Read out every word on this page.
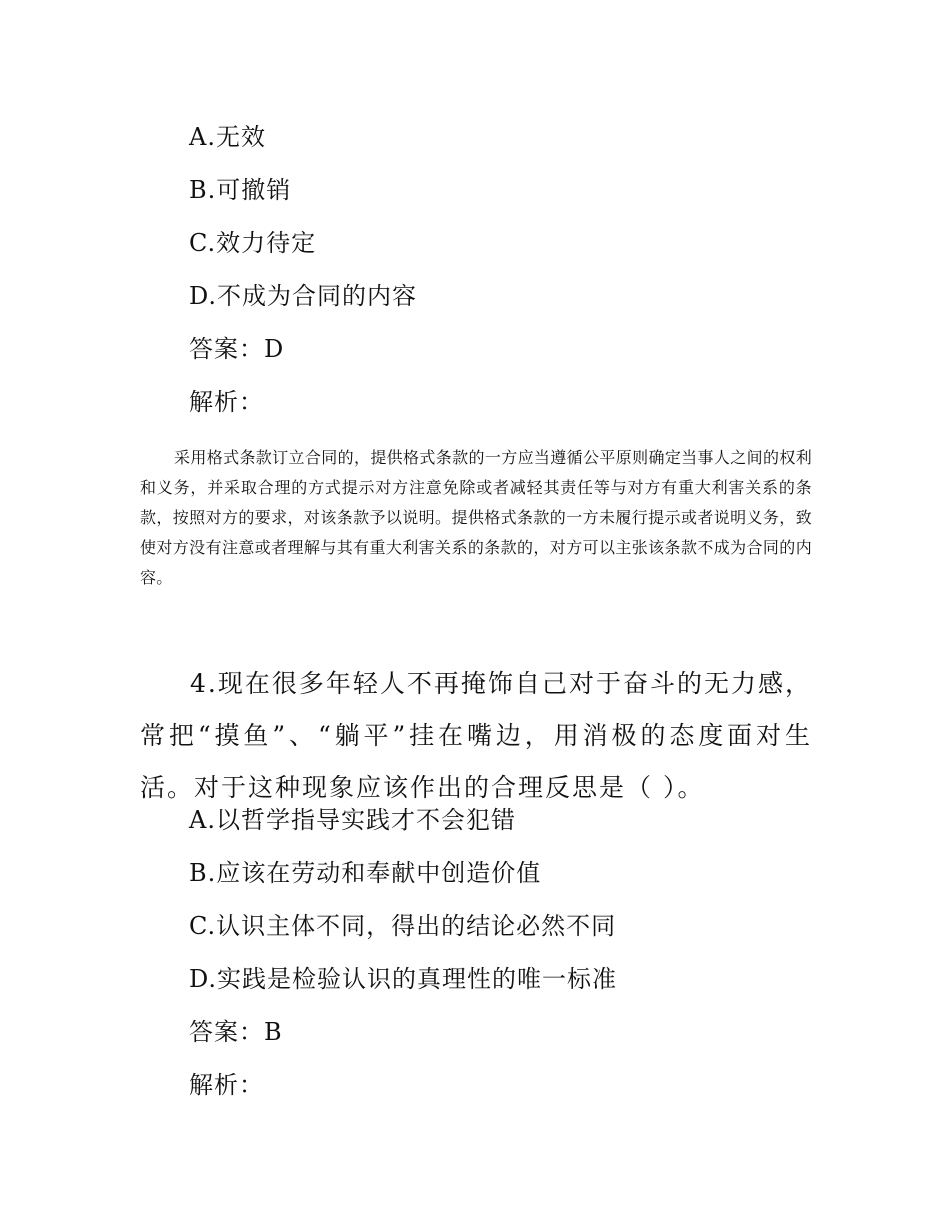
A.无效
B.可撤销
C.效力待定
D.不成为合同的内容
答案：D
解析：
采用格式条款订立合同的，提供格式条款的一方应当遵循公平原则确定当事人之间的权利和义务，并采取合理的方式提示对方注意免除或者减轻其责任等与对方有重大利害关系的条款，按照对方的要求，对该条款予以说明。提供格式条款的一方未履行提示或者说明义务，致使对方没有注意或者理解与其有重大利害关系的条款的，对方可以主张该条款不成为合同的内容。
4.现在很多年轻人不再掩饰自己对于奋斗的无力感，常把“摸鱼”、“躺平”挂在嘴边，用消极的态度面对生活。对于这种现象应该作出的合理反思是（ ）。
A.以哲学指导实践才不会犯错
B.应该在劳动和奉献中创造价值
C.认识主体不同，得出的结论必然不同
D.实践是检验认识的真理性的唯一标准
答案：B
解析：
